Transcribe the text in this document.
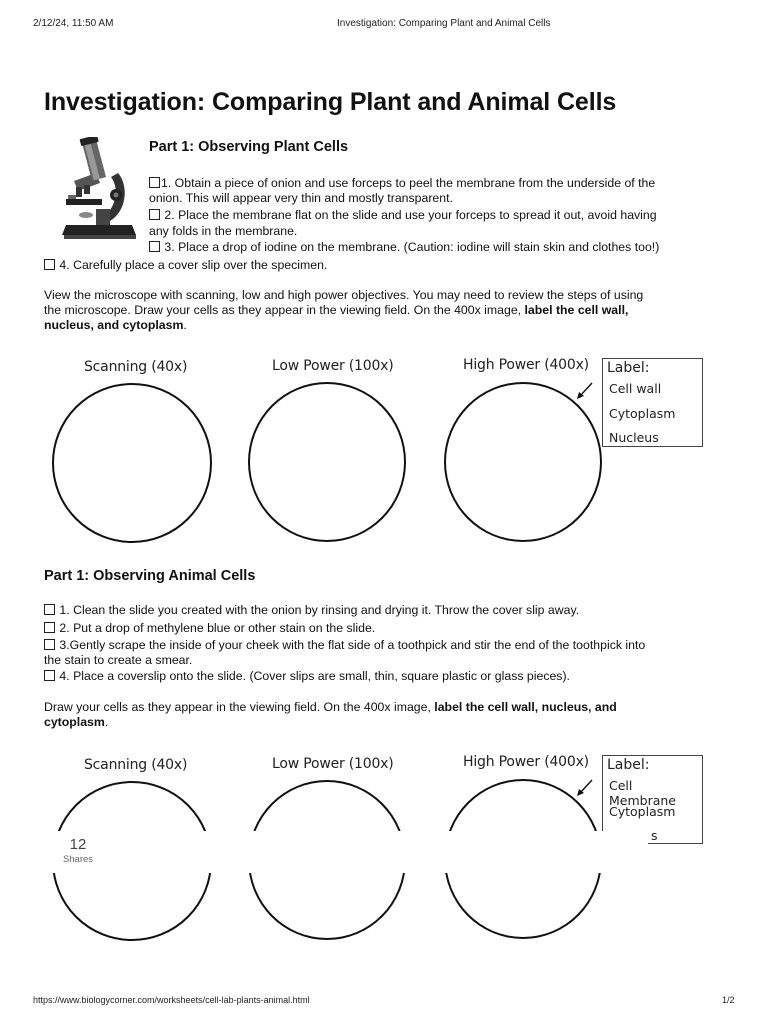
2/12/24, 11:50 AM	Investigation: Comparing Plant and Animal Cells
Investigation: Comparing Plant and Animal Cells
Part 1: Observing Plant Cells
1. Obtain a piece of onion and use forceps to peel the membrane from the underside of the
onion. This will appear very thin and mostly transparent.
2. Place the membrane flat on the slide and use your forceps to spread it out, avoid having
any folds in the membrane.
3. Place a drop of iodine on the membrane. (Caution: iodine will stain skin and clothes too!)
4. Carefully place a cover slip over the specimen.
View the microscope with scanning, low and high power objectives. You may need to review the steps of using
the microscope. Draw your cells as they appear in the viewing field. On the 400x image, label the cell wall,
nucleus, and cytoplasm.
Scanning (40x)	Low Power (100x)	High Power (400x) Label:
Cell wall
Cytoplasm
Nucleus
Part 1: Observing Animal Cells
1. Clean the slide you created with the onion by rinsing and drying it. Throw the cover slip away.
2. Put a drop of methylene blue or other stain on the slide.
3.Gently scrape the inside of your cheek with the flat side of a toothpick and stir the end of the toothpick into
the stain to create a smear.
4. Place a coverslip onto the slide. (Cover slips are small, thin, square plastic or glass pieces).
Draw your cells as they appear in the viewing field. On the 400x image, label the cell wall, nucleus, and
cytoplasm.
Scanning (40x)	Low Power (100x)	High Power (400x) Label:
Cell Membrane
Cytoplasm
s
12
Shares
https://www.biologycorner.com/worksheets/cell-lab-plants-animal.html	1/2
